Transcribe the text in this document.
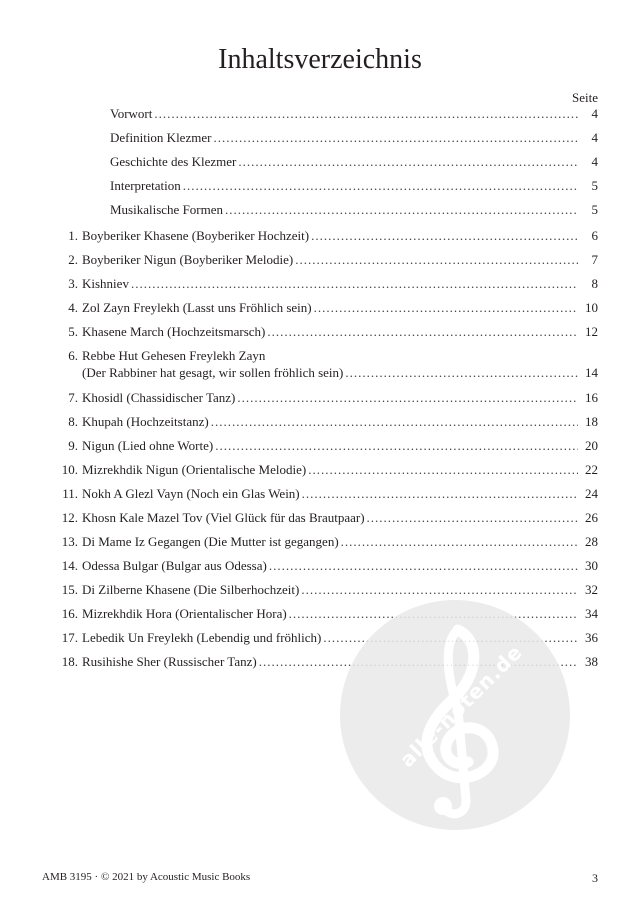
Inhaltsverzeichnis
Seite
Vorwort .....	4
Definition Klezmer .....	4
Geschichte des Klezmer .....	4
Interpretation .....	5
Musikalische Formen .....	5
1. Boyberiker Khasene (Boyberiker Hochzeit) .....	6
2. Boyberiker Nigun (Boyberiker Melodie) .....	7
3. Kishniev .....	8
4. Zol Zayn Freylekh (Lasst uns Fröhlich sein) .....	10
5. Khasene March (Hochzeitsmarsch) .....	12
6. Rebbe Hut Gehesen Freylekh Zayn
(Der Rabbiner hat gesagt, wir sollen fröhlich sein) .....	14
7. Khosidl (Chassidischer Tanz) .....	16
8. Khupah (Hochzeitstanz) .....	18
9. Nigun (Lied ohne Worte) .....	20
10. Mizrekhdik Nigun (Orientalische Melodie) .....	22
11. Nokh A Glezl Vayn (Noch ein Glas Wein) .....	24
12. Khosn Kale Mazel Tov (Viel Glück für das Brautpaar) .....	26
13. Di Mame Iz Gegangen (Die Mutter ist gegangen) .....	28
14. Odessa Bulgar (Bulgar aus Odessa) .....	30
15. Di Zilberne Khasene (Die Silberhochzeit) .....	32
16. Mizrekhdik Hora (Orientalischer Hora) .....	34
17. Lebedik Un Freylekh (Lebendig und fröhlich) .....	36
18. Rusihishe Sher (Russischer Tanz) .....	38
alle-noten.de
AMB 3195 · © 2021 by Acoustic Music Books	3
